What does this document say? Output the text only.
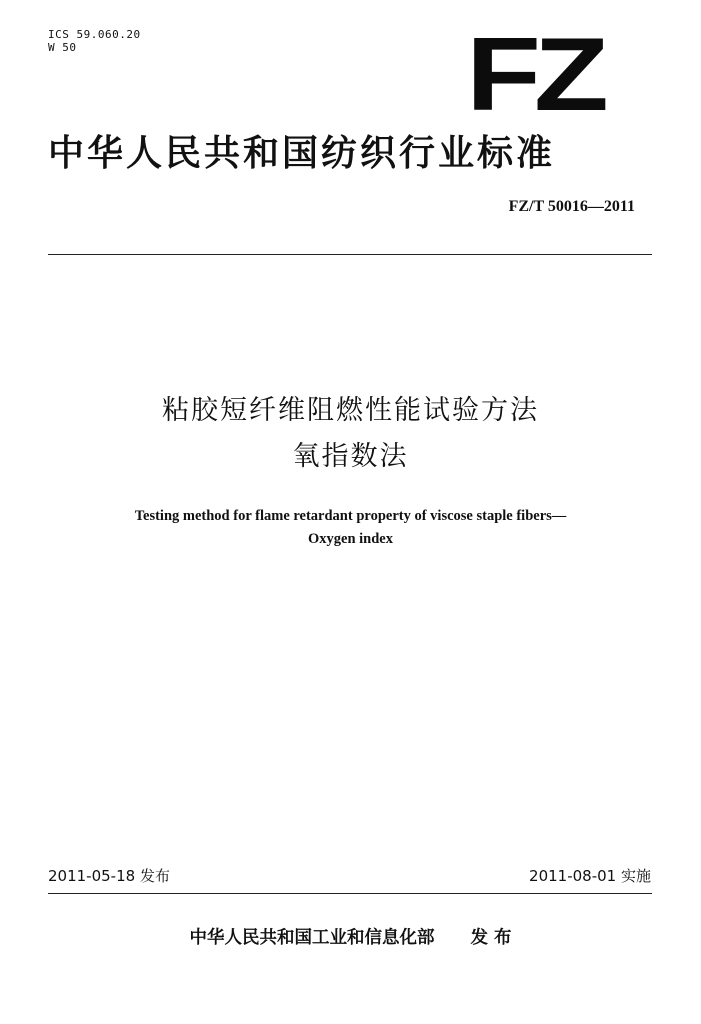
ICS 59.060.20
W 50	FZ
中华人民共和国纺织行业标准
FZ/T 50016—2011
粘胶短纤维阻燃性能试验方法
氧指数法
Testing method for flame retardant property of viscose staple fibers—
Oxygen index
2011-05-18 发布	2011-08-01 实施
中华人民共和国工业和信息化部 发 布
